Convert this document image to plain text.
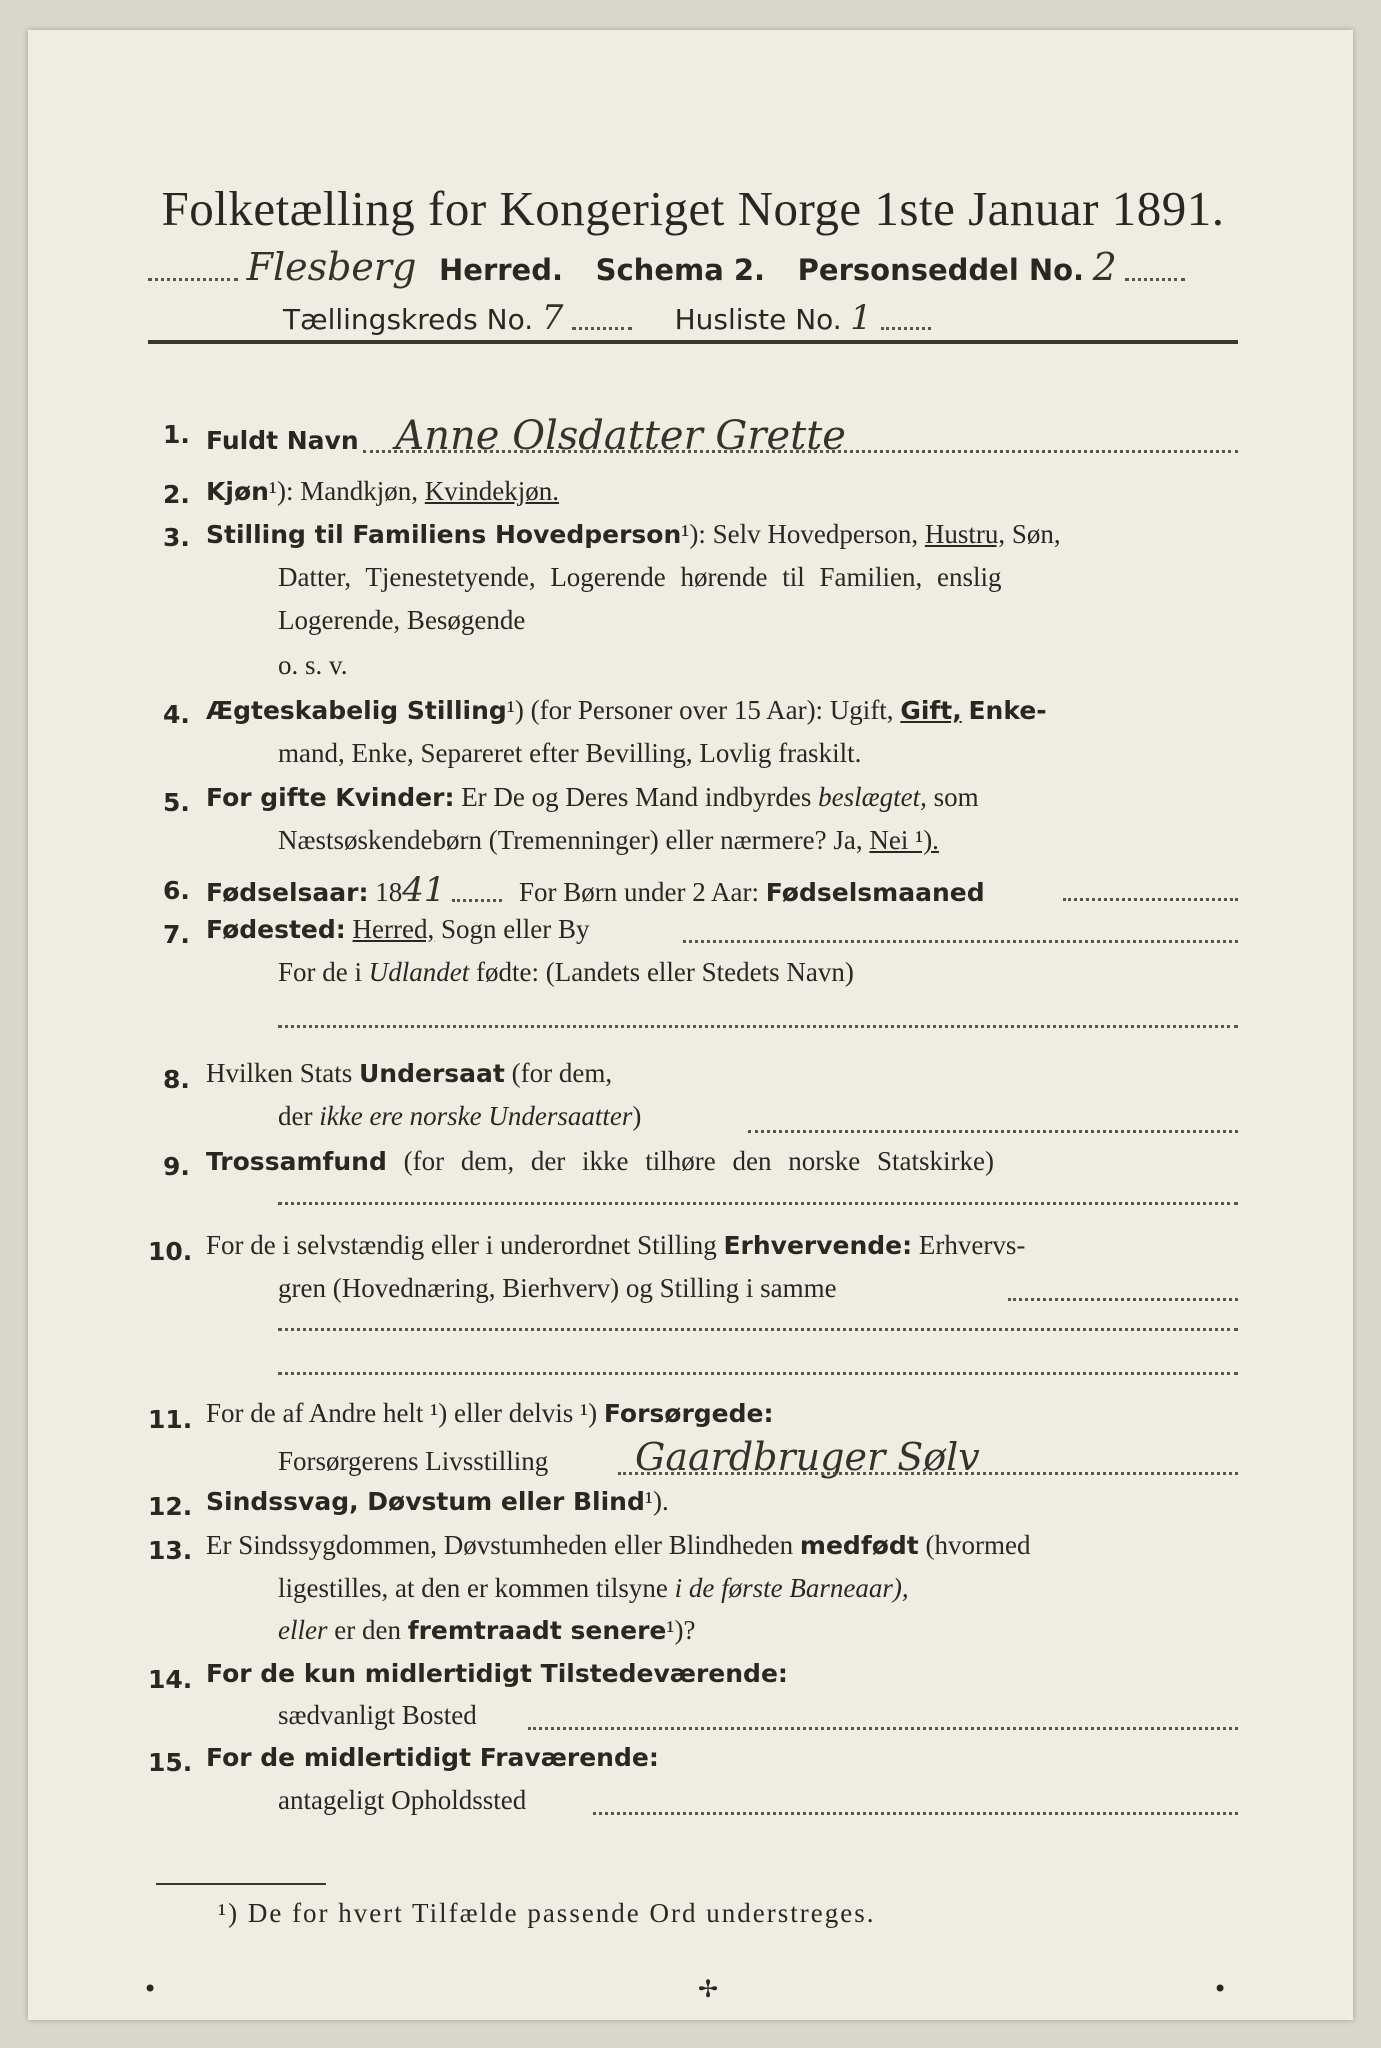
Folketælling for Kongeriget Norge 1ste Januar 1891.
Flesberg Herred. Schema 2. Personseddel No. 2
Tællingskreds No. 7	Husliste No. 1
1. Fuldt Navn Anne Olsdatter Grette
2. Kjøn¹): Mandkjøn, Kvindekjøn.
3. Stilling til Familiens Hovedperson¹): Selv Hovedperson, Hustru, Søn,
Datter, Tjenestetyende, Logerende hørende til Familien, enslig
Logerende, Besøgende
o. s. v.
4. Ægteskabelig Stilling¹) (for Personer over 15 Aar): Ugift, Gift, Enke-
mand, Enke, Separeret efter Bevilling, Lovlig fraskilt.
5. For gifte Kvinder: Er De og Deres Mand indbyrdes beslægtet, som
Næstsøskendebørn (Tremenninger) eller nærmere? Ja, Nei ¹).
6. Fødselsaar: 1841	For Børn under 2 Aar: Fødselsmaaned
7. Fødested: Herred, Sogn eller By
For de i Udlandet fødte: (Landets eller Stedets Navn)
8. Hvilken Stats Undersaat (for dem,
der ikke ere norske Undersaatter)
9. Trossamfund (for dem, der ikke tilhøre den norske Statskirke)
10. For de i selvstændig eller i underordnet Stilling Erhvervende: Erhvervs-
gren (Hovednæring, Bierhverv) og Stilling i samme
11. For de af Andre helt ¹) eller delvis ¹) Forsørgede:
Forsørgerens Livsstilling Gaardbruger Sølv
12. Sindssvag, Døvstum eller Blind¹).
13. Er Sindssygdommen, Døvstumheden eller Blindheden medfødt (hvormed
ligestilles, at den er kommen tilsyne i de første Barneaar),
eller er den fremtraadt senere¹)?
14. For de kun midlertidigt Tilstedeværende:
sædvanligt Bosted
15. For de midlertidigt Fraværende:
antageligt Opholdssted
¹) De for hvert Tilfælde passende Ord understreges.
•	✢	•
